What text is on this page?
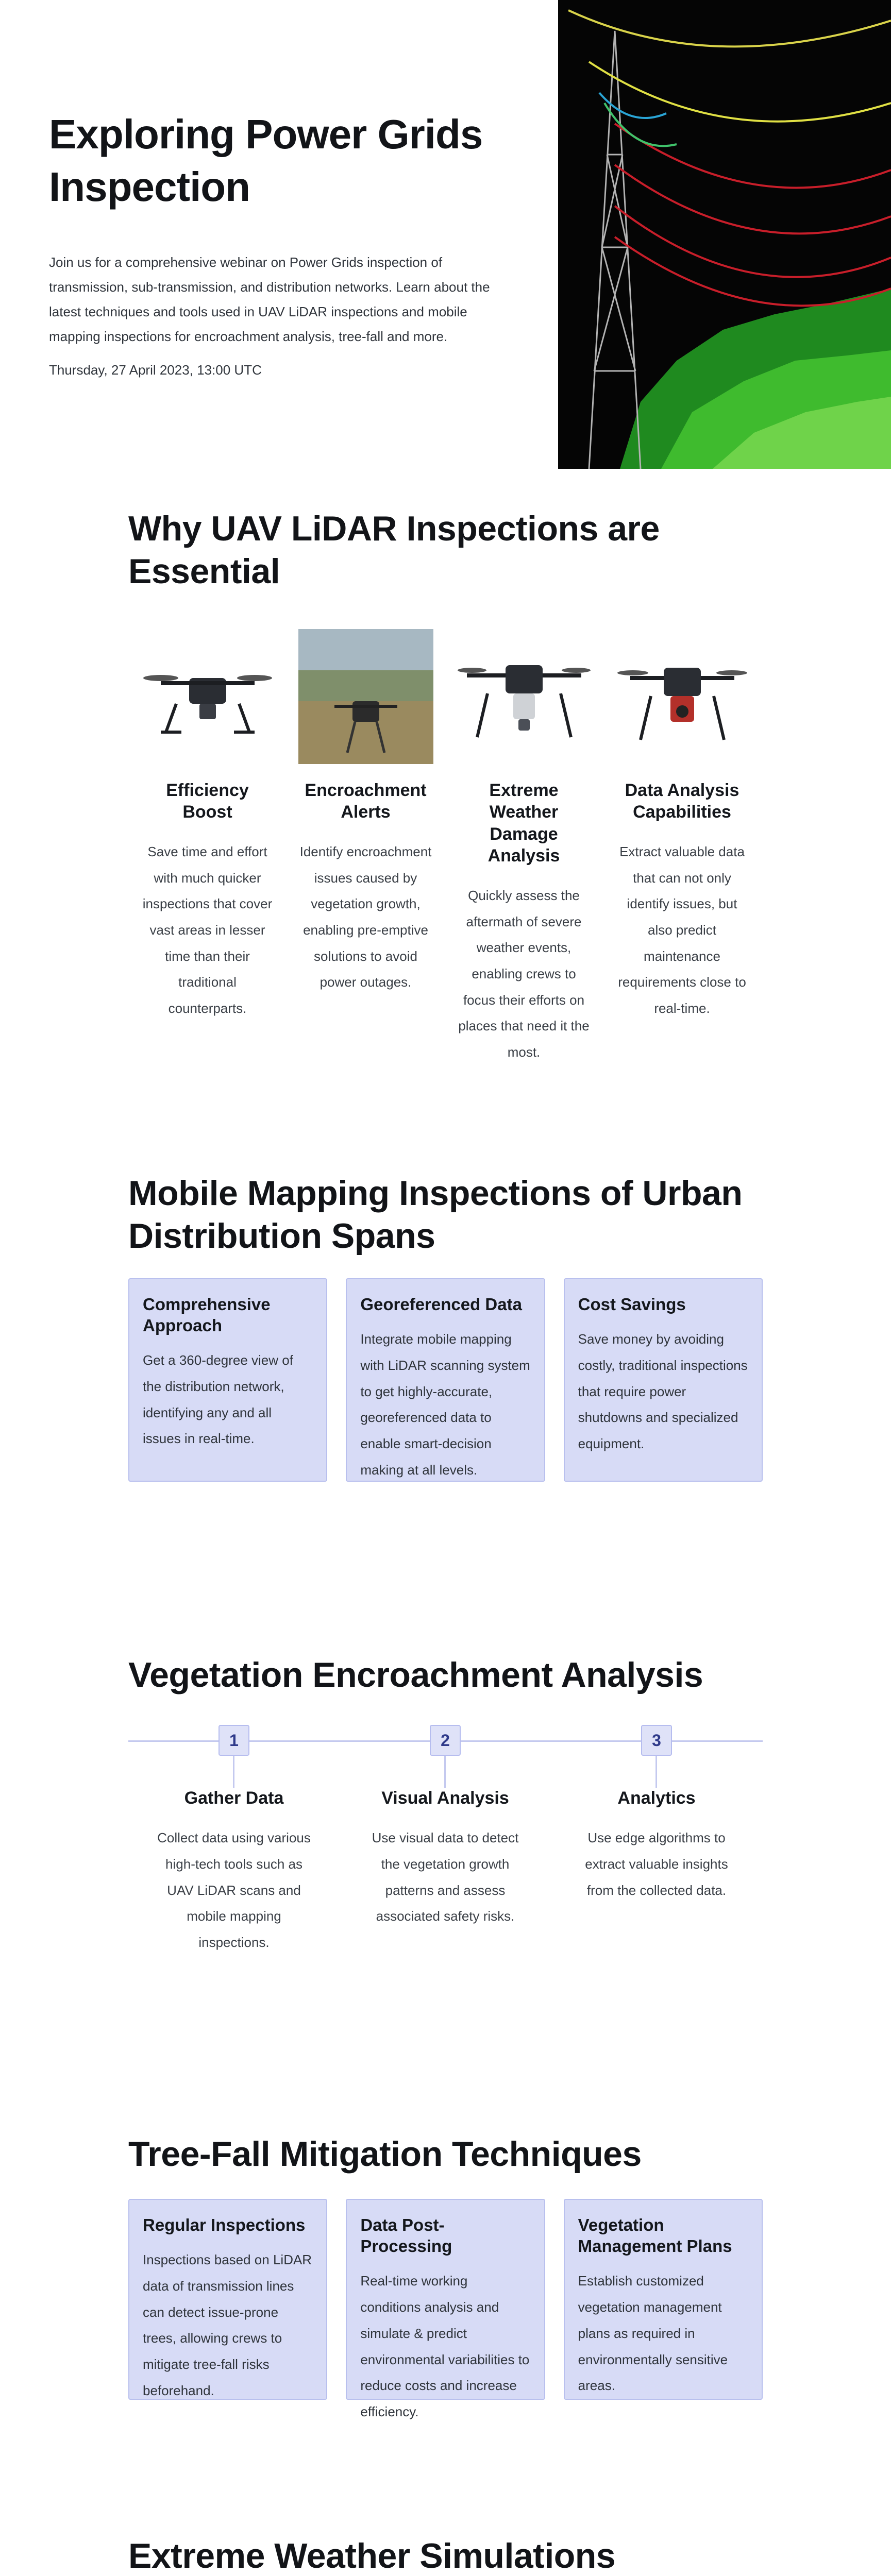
Exploring Power Grids Inspection

Join us for a comprehensive webinar on Power Grids inspection of transmission, sub-transmission, and distribution networks. Learn about the latest techniques and tools used in UAV LiDAR inspections and mobile mapping inspections for encroachment analysis, tree-fall and more.

Thursday, 27 April 2023, 13:00 UTC

Why UAV LiDAR Inspections are Essential
Efficiency Boost
Save time and effort with much quicker inspections that cover vast areas in lesser time than their traditional counterparts.
Encroachment Alerts
Identify encroachment issues caused by vegetation growth, enabling pre-emptive solutions to avoid power outages.
Extreme Weather Damage Analysis
Quickly assess the aftermath of severe weather events, enabling crews to focus their efforts on places that need it the most.
Data Analysis Capabilities
Extract valuable data that can not only identify issues, but also predict maintenance requirements close to real-time.
Mobile Mapping Inspections of Urban Distribution Spans
Comprehensive Approach
Get a 360-degree view of the distribution network, identifying any and all issues in real-time.
Georeferenced Data
Integrate mobile mapping with LiDAR scanning system to get highly-accurate, georeferenced data to enable smart-decision making at all levels.
Cost Savings
Save money by avoiding costly, traditional inspections that require power shutdowns and specialized equipment.
Vegetation Encroachment Analysis
1	2	3
Gather Data
Collect data using various high-tech tools such as UAV LiDAR scans and mobile mapping inspections.
Visual Analysis
Use visual data to detect the vegetation growth patterns and assess associated safety risks.
Analytics
Use edge algorithms to extract valuable insights from the collected data.
Tree-Fall Mitigation Techniques
Regular Inspections
Inspections based on LiDAR data of transmission lines can detect issue-prone trees, allowing crews to mitigate tree-fall risks beforehand.
Data Post-Processing
Real-time working conditions analysis and simulate & predict environmental variabilities to reduce costs and increase efficiency.
Vegetation Management Plans
Establish customized vegetation management plans as required in environmentally sensitive areas.
Extreme Weather Simulations
